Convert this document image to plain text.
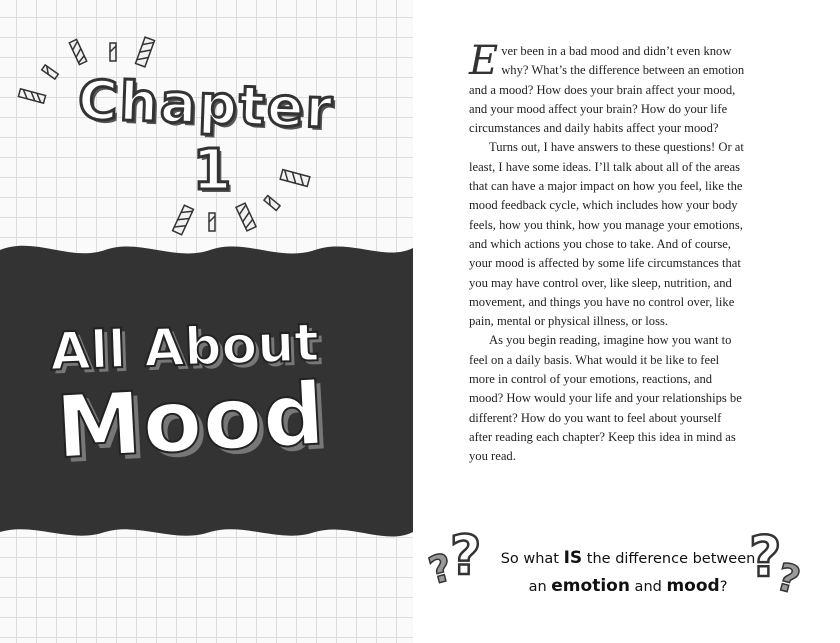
Chapter
1
All About
Mood

Ever been in a bad mood and didn’t even know why? What’s the difference between an emotion and a mood? How does your brain affect your mood, and your mood affect your brain? How do your life circumstances and daily habits affect your mood?

Turns out, I have answers to these questions! Or at least, I have some ideas. I’ll talk about all of the areas that can have a major impact on how you feel, like the mood feedback cycle, which includes how your body feels, how you think, how you manage your emotions, and which actions you chose to take. And of course, your mood is affected by some life circumstances that you may have control over, like sleep, nutrition, and movement, and things you have no control over, like pain, mental or physical illness, or loss.

As you begin reading, imagine how you want to feel on a daily basis. What would it be like to feel more in control of your emotions, reactions, and mood? How would your life and your relationships be different? How do you want to feel about yourself after reading each chapter? Keep this idea in mind as you read.

So what IS the difference between
an emotion and mood?
?
?	?
?
